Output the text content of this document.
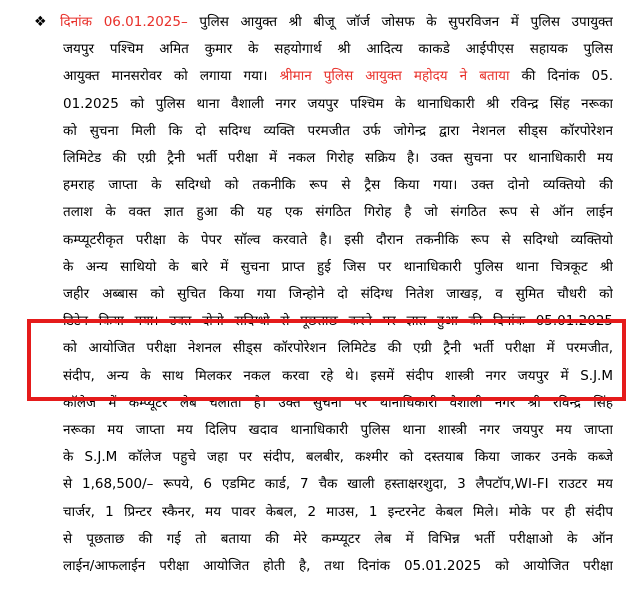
❖ दिनांक 06.01.2025– पुलिस आयुक्त श्री बीजू जॉर्ज जोसफ के सुपरविजन में पुलिस उपायुक्त
जयपुर पश्चिम अमित कुमार के सहयोगार्थ श्री आदित्य काकडे आईपीएस सहायक पुलिस
आयुक्त मानसरोवर को लगाया गया। श्रीमान पुलिस आयुक्त महोदय ने बताया की दिनांक 05.
01.2025 को पुलिस थाना वैशाली नगर जयपुर पश्चिम के थानाधिकारी श्री रविन्द्र सिंह नरूका
को सुचना मिली कि दो सदिग्ध व्यक्ति परमजीत उर्फ जोगेन्द्र द्वारा नेशनल सीड्स कॉरपोरेशन
लिमिटेड की एग्री ट्रैनी भर्ती परीक्षा में नकल गिरोह सक्रिय है। उक्त सुचना पर थानाधिकारी मय
हमराह जाप्ता के सदिग्धो को तकनीकि रूप से ट्रैस किया गया। उक्त दोनो व्यक्तियो की
तलाश के वक्त ज्ञात हुआ की यह एक संगठित गिरोह है जो संगठित रूप से ऑन लाईन
कम्प्यूटरीकृत परीक्षा के पेपर सॉल्व करवाते है। इसी दौरान तकनीकि रूप से सदिग्धो व्यक्तियो
के अन्य साथियो के बारे में सुचना प्राप्त हुई जिस पर थानाधिकारी पुलिस थाना चित्रकूट श्री
जहीर अब्बास को सुचित किया गया जिन्होने दो संदिग्ध नितेश जाखड़, व सुमित चौधरी को
डिटेन किया गया। उक्त दोनो सदिग्धो से पूछताछ करने पर ज्ञात हुआ की दिनांक 05.01.2025
को आयोजित परीक्षा नेशनल सीड्स कॉरपोरेशन लिमिटेड की एग्री ट्रैनी भर्ती परीक्षा में परमजीत,
संदीप, अन्य के साथ मिलकर नकल करवा रहे थे। इसमें संदीप शास्त्री नगर जयपुर में S.J.M
कॉलेज में कम्प्यूटर लेब चलाता है। उक्त सुचना पर थानाधिकारी वैशाली नगर श्री रविन्द्र सिंह
नरूका मय जाप्ता मय दिलिप खदाव थानाधिकारी पुलिस थाना शास्त्री नगर जयपुर मय जाप्ता
के S.J.M कॉलेज पहुचे जहा पर संदीप, बलबीर, कश्मीर को दस्तयाब किया जाकर उनके कब्जे
से 1,68,500/– रूपये, 6 एडमिट कार्ड, 7 चैक खाली हस्ताक्षरशुदा, 3 लैपटॉप,WI-FI राउटर मय
चार्जर, 1 प्रिन्टर स्कैनर, मय पावर केबल, 2 माउस, 1 इन्टरनेट केबल मिले। मोके पर ही संदीप
से पूछताछ की गई तो बताया की मेरे कम्प्यूटर लेब में विभिन्न भर्ती परीक्षाओ के ऑन
लाईन/आफलाईन परीक्षा आयोजित होती है, तथा दिनांक 05.01.2025 को आयोजित परीक्षा
